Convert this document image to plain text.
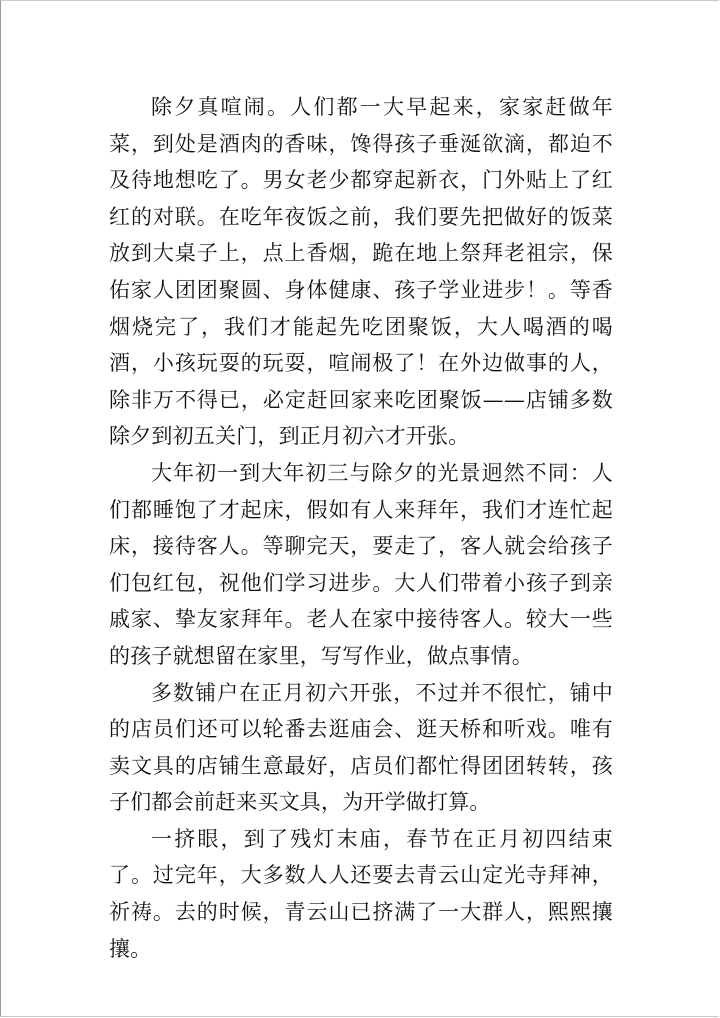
除夕真喧闹。人们都一大早起来，家家赶做年菜，到处是酒肉的香味，馋得孩子垂涎欲滴，都迫不及待地想吃了。男女老少都穿起新衣，门外贴上了红红的对联。在吃年夜饭之前，我们要先把做好的饭菜放到大桌子上，点上香烟，跪在地上祭拜老祖宗，保佑家人团团聚圆、身体健康、孩子学业进步！。等香烟烧完了，我们才能起先吃团聚饭，大人喝酒的喝酒，小孩玩耍的玩耍，喧闹极了！在外边做事的人，除非万不得已，必定赶回家来吃团聚饭——店铺多数除夕到初五关门，到正月初六才开张。

大年初一到大年初三与除夕的光景迥然不同：人们都睡饱了才起床，假如有人来拜年，我们才连忙起床，接待客人。等聊完天，要走了，客人就会给孩子们包红包，祝他们学习进步。大人们带着小孩子到亲戚家、挚友家拜年。老人在家中接待客人。较大一些的孩子就想留在家里，写写作业，做点事情。

多数铺户在正月初六开张，不过并不很忙，铺中的店员们还可以轮番去逛庙会、逛天桥和听戏。唯有卖文具的店铺生意最好，店员们都忙得团团转转，孩子们都会前赶来买文具，为开学做打算。

一挤眼，到了残灯末庙，春节在正月初四结束了。过完年，大多数人人还要去青云山定光寺拜神，祈祷。去的时候，青云山已挤满了一大群人，熙熙攘攘。
